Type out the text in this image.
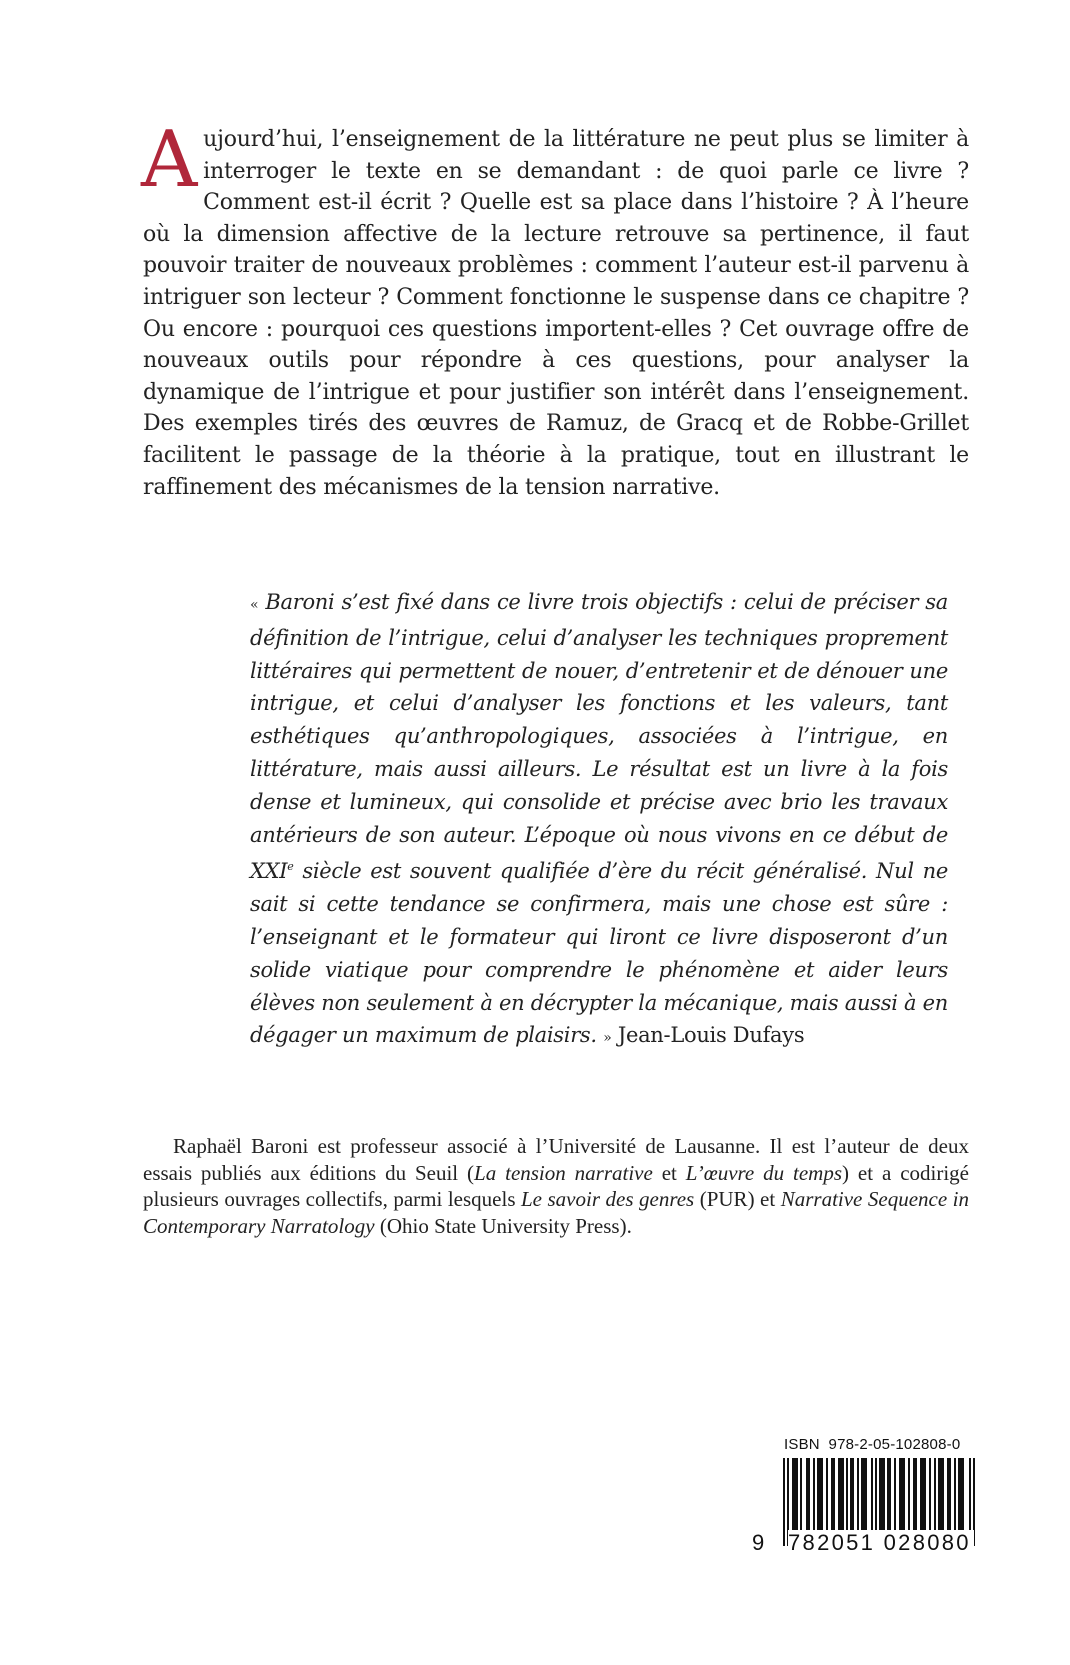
A ujourd’hui, l’enseignement de la littérature ne peut plus se limiter à interroger le texte en se demandant : de quoi parle ce livre ? Comment est-il écrit ? Quelle est sa place dans l’histoire ? À l’heure où la dimension affective de la lecture retrouve sa pertinence, il faut pouvoir traiter de nouveaux problèmes : comment l’auteur est-il parvenu à intriguer son lecteur ? Comment fonctionne le suspense dans ce chapitre ? Ou encore : pourquoi ces questions importent-elles ? Cet ouvrage offre de nouveaux outils pour répondre à ces questions, pour analyser la dynamique de l’intrigue et pour justifier son intérêt dans l’enseignement. Des exemples tirés des œuvres de Ramuz, de Gracq et de Robbe-Grillet facilitent le passage de la théorie à la pratique, tout en illustrant le raffinement des mécanismes de la tension narrative.
« Baroni s’est fixé dans ce livre trois objectifs : celui de préciser sa définition de l’intrigue, celui d’analyser les techniques proprement littéraires qui permettent de nouer, d’entretenir et de dénouer une intrigue, et celui d’analyser les fonctions et les valeurs, tant esthétiques qu’anthropologiques, associées à l’intrigue, en littérature, mais aussi ailleurs. Le résultat est un livre à la fois dense et lumineux, qui consolide et précise avec brio les travaux antérieurs de son auteur. L’époque où nous vivons en ce début de XXIe siècle est souvent qualifiée d’ère du récit généralisé. Nul ne sait si cette tendance se confirmera, mais une chose est sûre : l’enseignant et le formateur qui liront ce livre disposeront d’un solide viatique pour comprendre le phénomène et aider leurs élèves non seulement à en décrypter la mécanique, mais aussi à en dégager un maximum de plaisirs. » Jean-Louis Dufays
Raphaël Baroni est professeur associé à l’Université de Lausanne. Il est l’auteur de deux essais publiés aux éditions du Seuil (La tension narrative et L’œuvre du temps) et a codirigé plusieurs ouvrages collectifs, parmi lesquels Le savoir des genres (PUR) et Narrative Sequence in Contemporary Narratology (Ohio State University Press).
ISBN  978-2-05-102808-0
9 782051 028080
